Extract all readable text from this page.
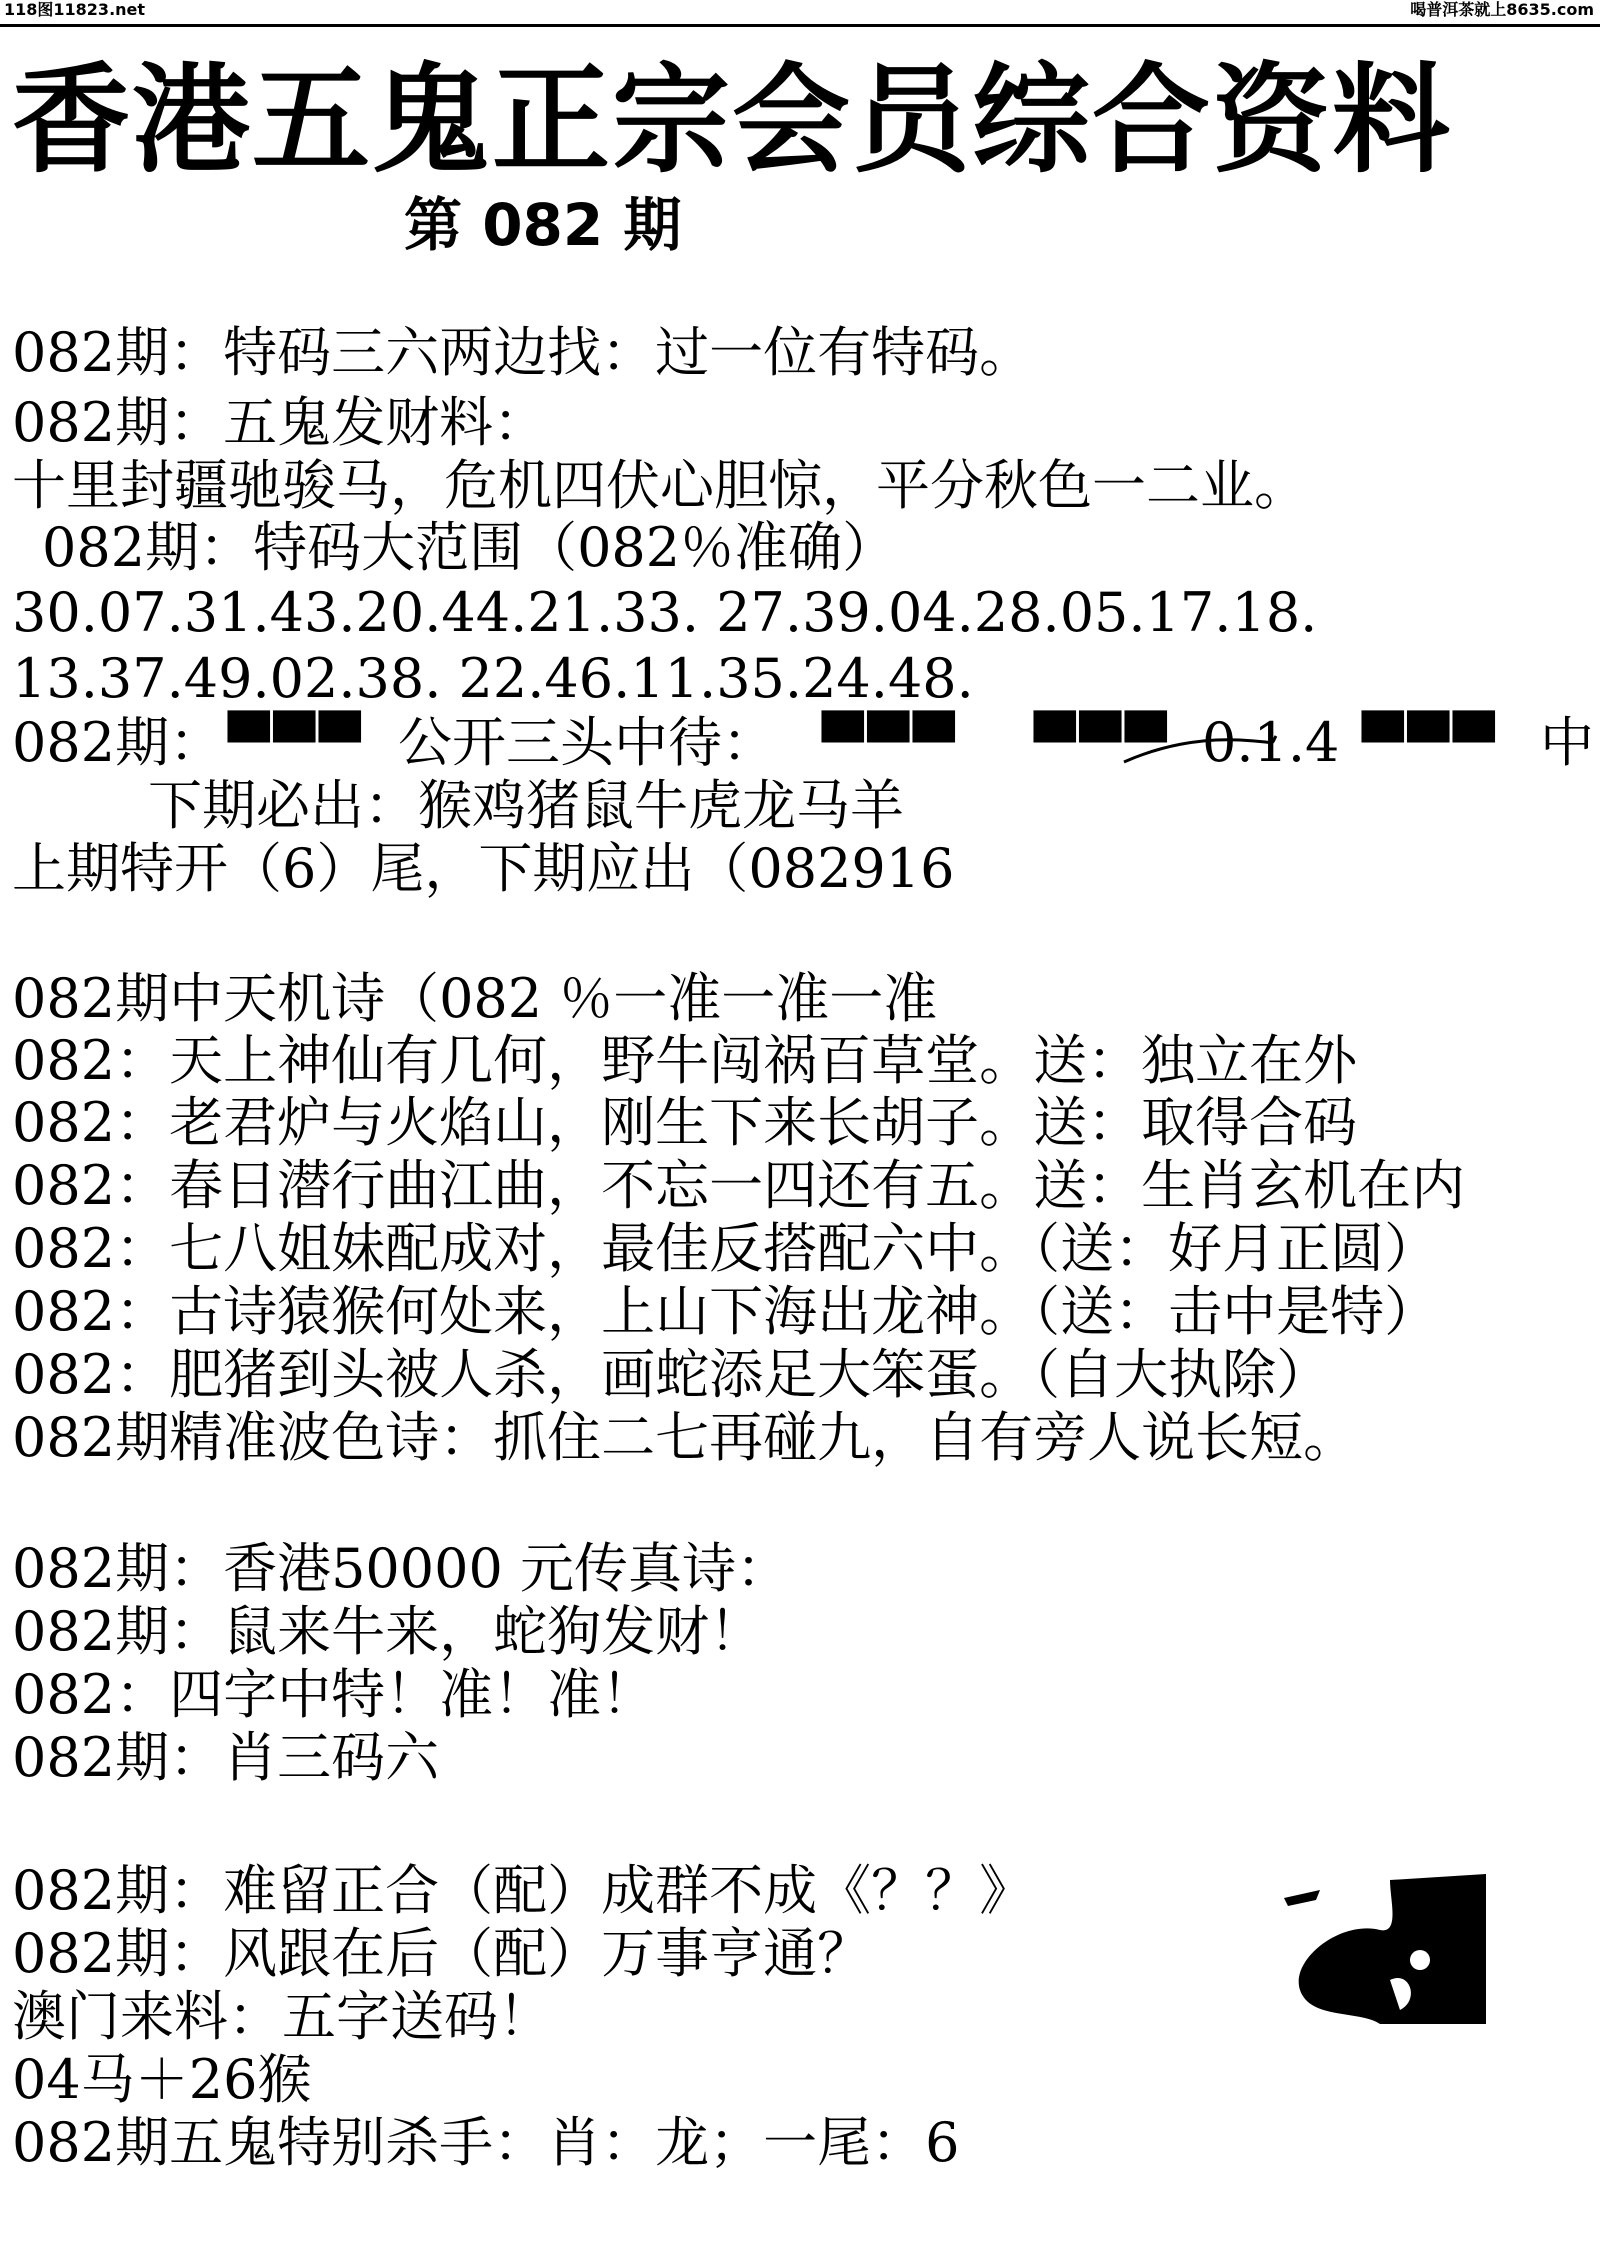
118图11823.net	喝普洱茶就上8635.com
香港五鬼正宗会员综合资料
第 082 期
082期：特码三六两边找：过一位有特码。
082期：五鬼发财料：
十里封疆驰骏马，危机四伏心胆惊，平分秋色一二业。
082期：特码大范围（082％准确）
30.07.31.43.20.44.21.33. 27.39.04.28.05.17.18.
13.37.49.02.38. 22.46.11.35.24.48.
082期： ▀▀▀ 公开三头中待： ▀▀▀ ▀▀▀ 0.1.4 ▀▀▀ 中
下期必出：猴鸡猪鼠牛虎龙马羊
上期特开（6）尾，下期应出（082916
082期中天机诗（082 ％一准一准一准
082：天上神仙有几何，野牛闯祸百草堂。送：独立在外
082：老君炉与火焰山，刚生下来长胡子。送：取得合码
082：春日潜行曲江曲，不忘一四还有五。送：生肖玄机在内
082：七八姐妹配成对，最佳反搭配六中。（送：好月正圆）
082：古诗猿猴何处来，上山下海出龙神。（送：击中是特）
082：肥猪到头被人杀，画蛇添足大笨蛋。（自大执除）
082期精准波色诗：抓住二七再碰九，自有旁人说长短。
082期：香港50000 元传真诗：
082期：鼠来牛来，蛇狗发财！
082：四字中特！准！准！
082期：肖三码六
082期：难留正合（配）成群不成《？？》
082期：风跟在后（配）万事亨通？
澳门来料：五字送码！
04马＋26猴
082期五鬼特别杀手：肖：龙；一尾：6
